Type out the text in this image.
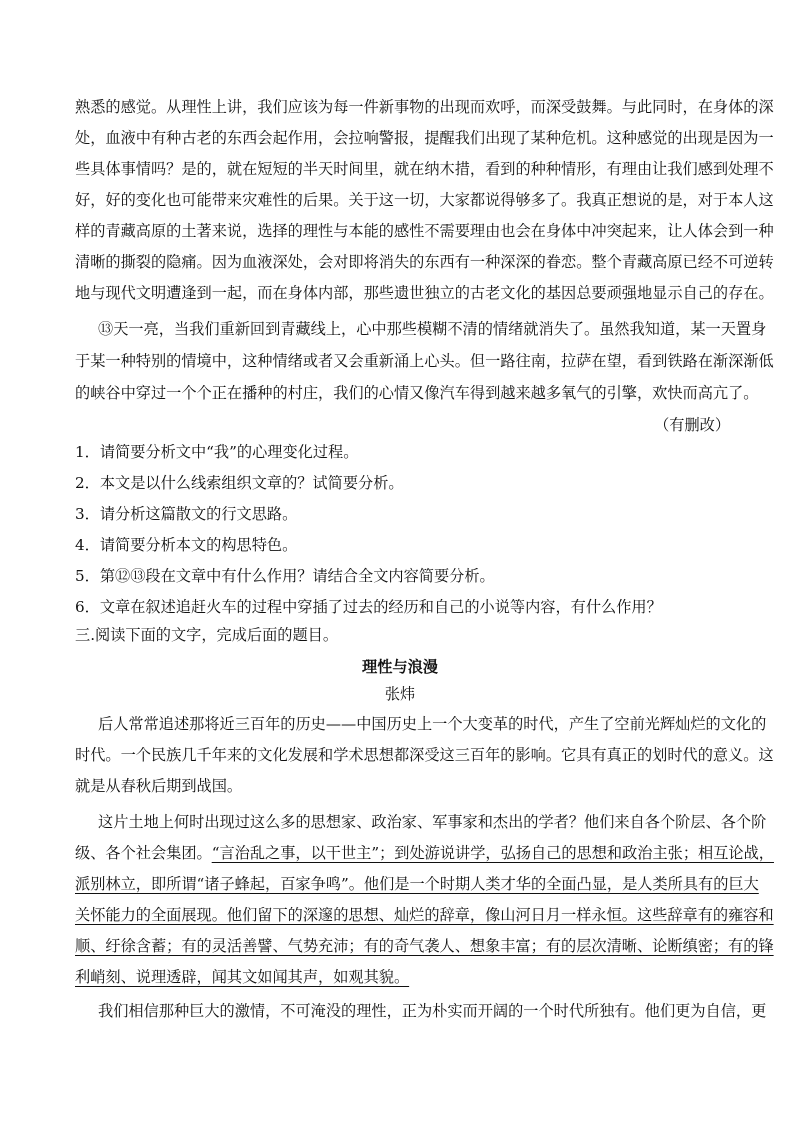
熟悉的感觉。从理性上讲，我们应该为每一件新事物的出现而欢呼，而深受鼓舞。与此同时，在身体的深
处，血液中有种古老的东西会起作用，会拉响警报，提醒我们出现了某种危机。这种感觉的出现是因为一
些具体事情吗？是的，就在短短的半天时间里，就在纳木措，看到的种种情形，有理由让我们感到处理不
好，好的变化也可能带来灾难性的后果。关于这一切，大家都说得够多了。我真正想说的是，对于本人这
样的青藏高原的土著来说，选择的理性与本能的感性不需要理由也会在身体中冲突起来，让人体会到一种
清晰的撕裂的隐痛。因为血液深处，会对即将消失的东西有一种深深的眷恋。整个青藏高原已经不可逆转
地与现代文明遭逢到一起，而在身体内部，那些遗世独立的古老文化的基因总要顽强地显示自己的存在。
⑬天一亮，当我们重新回到青藏线上，心中那些模糊不清的情绪就消失了。虽然我知道，某一天置身
于某一种特别的情境中，这种情绪或者又会重新涌上心头。但一路往南，拉萨在望，看到铁路在渐深渐低
的峡谷中穿过一个个正在播种的村庄，我们的心情又像汽车得到越来越多氧气的引擎，欢快而高亢了。
（有删改）
1．请简要分析文中“我”的心理变化过程。
2．本文是以什么线索组织文章的？试简要分析。
3．请分析这篇散文的行文思路。
4．请简要分析本文的构思特色。
5．第⑫⑬段在文章中有什么作用？请结合全文内容简要分析。
6．文章在叙述追赶火车的过程中穿插了过去的经历和自己的小说等内容，有什么作用？
三.阅读下面的文字，完成后面的题目。
理性与浪漫
张炜
后人常常追述那将近三百年的历史——中国历史上一个大变革的时代，产生了空前光辉灿烂的文化的
时代。一个民族几千年来的文化发展和学术思想都深受这三百年的影响。它具有真正的划时代的意义。这
就是从春秋后期到战国。
这片土地上何时出现过这么多的思想家、政治家、军事家和杰出的学者？他们来自各个阶层、各个阶
级、各个社会集团。“言治乱之事，以干世主”；到处游说讲学，弘扬自己的思想和政治主张；相互论战，
派别林立，即所谓“诸子蜂起，百家争鸣”。他们是一个时期人类才华的全面凸显，是人类所具有的巨大
关怀能力的全面展现。他们留下的深邃的思想、灿烂的辞章，像山河日月一样永恒。这些辞章有的雍容和
顺、纡徐含蓄；有的灵活善譬、气势充沛；有的奇气袭人、想象丰富；有的层次清晰、论断缜密；有的锋
利峭刻、说理透辟，闻其文如闻其声，如观其貌。
我们相信那种巨大的激情，不可淹没的理性，正为朴实而开阔的一个时代所独有。他们更为自信，更
